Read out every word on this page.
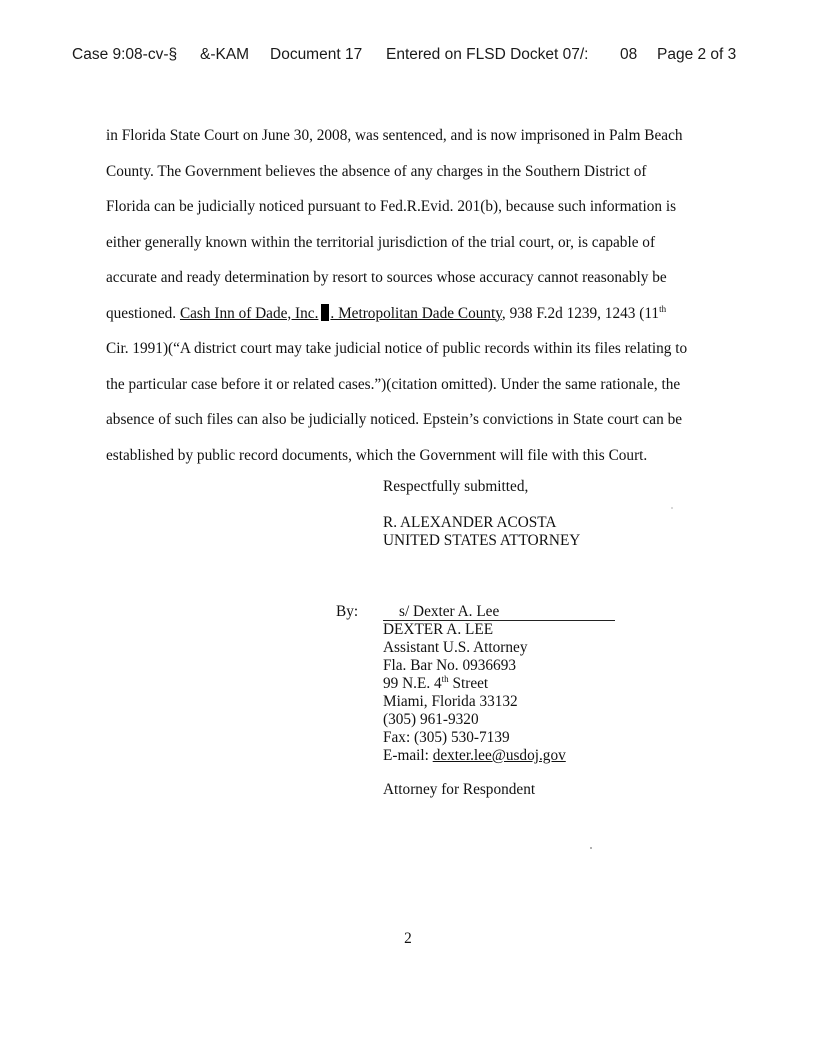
Case 9:08-cv-§ &-KAM Document 17 Entered on FLSD Docket 07/: 08 Page 2 of 3
in Florida State Court on June 30, 2008, was sentenced, and is now imprisoned in Palm Beach
County. The Government believes the absence of any charges in the Southern District of
Florida can be judicially noticed pursuant to Fed.R.Evid. 201(b), because such information is
either generally known within the territorial jurisdiction of the trial court, or, is capable of
accurate and ready determination by resort to sources whose accuracy cannot reasonably be
questioned. Cash Inn of Dade, Inc. . Metropolitan Dade County, 938 F.2d 1239, 1243 (11th
Cir. 1991)(“A district court may take judicial notice of public records within its files relating to
the particular case before it or related cases.”)(citation omitted). Under the same rationale, the
absence of such files can also be judicially noticed. Epstein’s convictions in State court can be
established by public record documents, which the Government will file with this Court.
Respectfully submitted,
R. ALEXANDER ACOSTA
UNITED STATES ATTORNEY
By:	s/ Dexter A. Lee
DEXTER A. LEE
Assistant U.S. Attorney
Fla. Bar No. 0936693
99 N.E. 4th Street
Miami, Florida 33132
(305) 961-9320
Fax: (305) 530-7139
E-mail: dexter.lee@usdoj.gov
Attorney for Respondent
2
